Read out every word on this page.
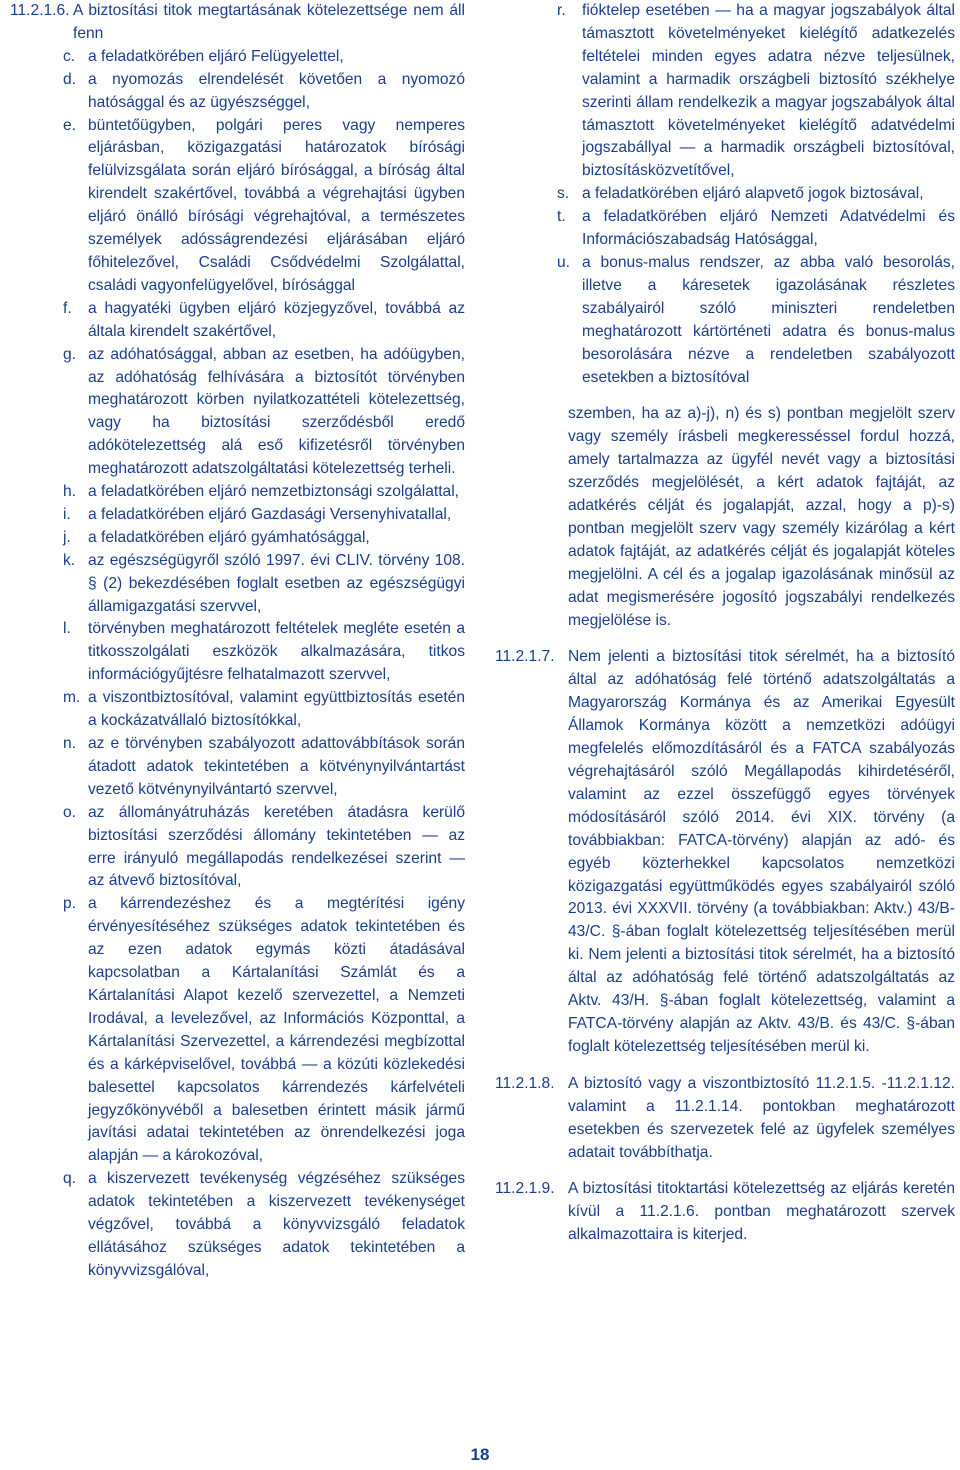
11.2.1.6. A biztosítási titok megtartásának kötelezettsége nem áll fenn
c. a feladatkörében eljáró Felügyelettel,
d. a nyomozás elrendelését követően a nyomozó hatósággal és az ügyészséggel,
e. büntetőügyben, polgári peres vagy nemperes eljárásban, közigazgatási határozatok bírósági felülvizsgálata során eljáró bírósággal, a bíróság által kirendelt szakértővel, továbbá a végrehajtási ügyben eljáró önálló bírósági végrehajtóval, a természetes személyek adósságrendezési eljárásában eljáró főhitelezővel, Családi Csődvédelmi Szolgálattal, családi vagyonfelügyelővel, bírósággal
f.	a hagyatéki ügyben eljáró közjegyzővel, továbbá az általa kirendelt szakértővel,
g. az adóhatósággal, abban az esetben, ha adóügyben, az adóhatóság felhívására a biztosítót törvényben meghatározott körben nyilatkozattételi kötelezettség, vagy ha biztosítási szerződésből eredő adókötelezettség alá eső kifizetésről törvényben meghatározott adatszolgáltatási kötelezettség terheli.
h. a feladatkörében eljáró nemzetbiztonsági szolgálattal,
i.	a feladatkörében eljáró Gazdasági Versenyhivatallal,
j.	a feladatkörében eljáró gyámhatósággal,
k. az egészségügyről szóló 1997. évi CLIV. törvény 108. § (2) bekezdésében foglalt esetben az egészségügyi államigazgatási szervvel,
l.	törvényben meghatározott feltételek megléte esetén a titkosszolgálati eszközök alkalmazására, titkos információgyűjtésre felhatalmazott szervvel,
m. a viszontbiztosítóval, valamint együttbiztosítás esetén a kockázatvállaló biztosítókkal,
n. az e törvényben szabályozott adattovábbítások során átadott adatok tekintetében a kötvénynyilvántartást vezető kötvénynyilvántartó szervvel,
o. az állományátruházás keretében átadásra kerülő biztosítási szerződési állomány tekintetében — az erre irányuló megállapodás rendelkezései szerint — az átvevő biztosítóval,
p. a kárrendezéshez és a megtérítési igény érvényesítéséhez szükséges adatok tekintetében és az ezen adatok egymás közti átadásával kapcsolatban a Kártalanítási Számlát és a Kártalanítási Alapot kezelő szervezettel, a Nemzeti Irodával, a levelezővel, az Információs Központtal, a Kártalanítási Szervezettel, a kárrendezési megbízottal és a kárképviselővel, továbbá — a közúti közlekedési balesettel kapcsolatos kárrendezés kárfelvételi jegyzőkönyvéből a balesetben érintett másik jármű javítási adatai tekintetében az önrendelkezési joga alapján — a károkozóval,
q. a kiszervezett tevékenység végzéséhez szükséges adatok tekintetében a kiszervezett tevékenységet végzővel, továbbá a könyvvizsgáló feladatok ellátásához szükséges adatok tekintetében a könyvvizsgálóval,
r.	fióktelep esetében — ha a magyar jogszabályok által támasztott követelményeket kielégítő adatkezelés feltételei minden egyes adatra nézve teljesülnek, valamint a harmadik országbeli biztosító székhelye szerinti állam rendelkezik a magyar jogszabályok által támasztott követelményeket kielégítő adatvédelmi jogszabállyal — a harmadik országbeli biztosítóval, biztosításközvetítővel,
s. a feladatkörében eljáró alapvető jogok biztosával,
t.	a feladatkörében eljáró Nemzeti Adatvédelmi és Információszabadság Hatósággal,
u. a bonus-malus rendszer, az abba való besorolás, illetve a káresetek igazolásának részletes szabályairól szóló miniszteri rendeletben meghatározott kártörténeti adatra és bonus-malus besorolására nézve a rendeletben szabályozott esetekben a biztosítóval
szemben, ha az a)-j), n) és s) pontban megjelölt szerv vagy személy írásbeli megkeresséssel fordul hozzá, amely tartalmazza az ügyfél nevét vagy a biztosítási szerződés megjelölését, a kért adatok fajtáját, az adatkérés célját és jogalapját, azzal, hogy a p)-s) pontban megjelölt szerv vagy személy kizárólag a kért adatok fajtáját, az adatkérés célját és jogalapját köteles megjelölni. A cél és a jogalap igazolásának minősül az adat megismerésére jogosító jogszabályi rendelkezés megjelölése is.
11.2.1.7. Nem jelenti a biztosítási titok sérelmét, ha a biztosító által az adóhatóság felé történő adatszolgáltatás a Magyarország Kormánya és az Amerikai Egyesült Államok Kormánya között a nemzetközi adóügyi megfelelés előmozdításáról és a FATCA szabályozás végrehajtásáról szóló Megállapodás kihirdetéséről, valamint az ezzel összefüggő egyes törvények módosításáról szóló 2014. évi XIX. törvény (a továbbiakban: FATCA-törvény) alapján az adó- és egyéb közterhekkel kapcsolatos nemzetközi közigazgatási együttműködés egyes szabályairól szóló 2013. évi XXXVII. törvény (a továbbiakban: Aktv.) 43/B-43/C. §-ában foglalt kötelezettség teljesítésében merül ki. Nem jelenti a biztosítási titok sérelmét, ha a biztosító által az adóhatóság felé történő adatszolgáltatás az Aktv. 43/H. §-ában foglalt kötelezettség, valamint a FATCA-törvény alapján az Aktv. 43/B. és 43/C. §-ában foglalt kötelezettség teljesítésében merül ki.
11.2.1.8. A biztosító vagy a viszontbiztosító 11.2.1.5. -11.2.1.12. valamint a 11.2.1.14. pontokban meghatározott esetekben és szervezetek felé az ügyfelek személyes adatait továbbíthatja.
11.2.1.9. A biztosítási titoktartási kötelezettség az eljárás keretén kívül a 11.2.1.6. pontban meghatározott szervek alkalmazottaira is kiterjed.
18
